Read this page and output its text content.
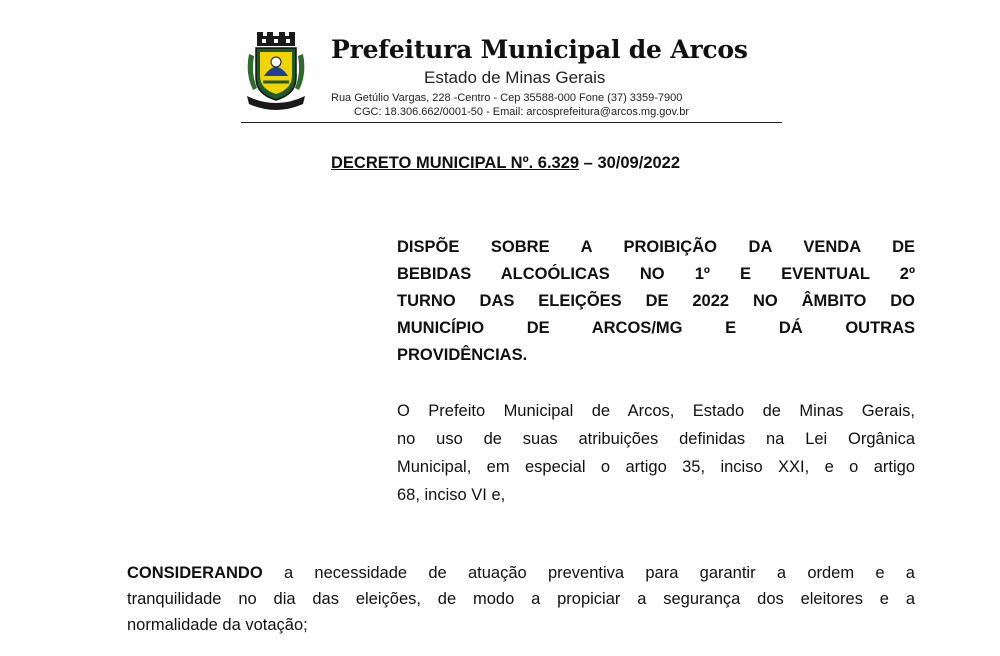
Prefeitura Municipal de Arcos
Estado de Minas Gerais
Rua Getúlio Vargas, 228 -Centro - Cep 35588-000 Fone (37) 3359-7900
CGC: 18.306.662/0001-50 - Email: arcosprefeitura@arcos.mg.gov.br
DECRETO MUNICIPAL Nº. 6.329 – 30/09/2022
DISPÕE SOBRE A PROIBIÇÃO DA VENDA DE
BEBIDAS ALCOÓLICAS NO 1º E EVENTUAL 2º
TURNO DAS ELEIÇÕES DE 2022 NO ÂMBITO DO
MUNICÍPIO DE ARCOS/MG E DÁ OUTRAS
PROVIDÊNCIAS.
O Prefeito Municipal de Arcos, Estado de Minas Gerais,
no uso de suas atribuições definidas na Lei Orgânica
Municipal, em especial o artigo 35, inciso XXI, e o artigo
68, inciso VI e,
CONSIDERANDO a necessidade de atuação preventiva para garantir a ordem e a
tranquilidade no dia das eleições, de modo a propiciar a segurança dos eleitores e a
normalidade da votação;
